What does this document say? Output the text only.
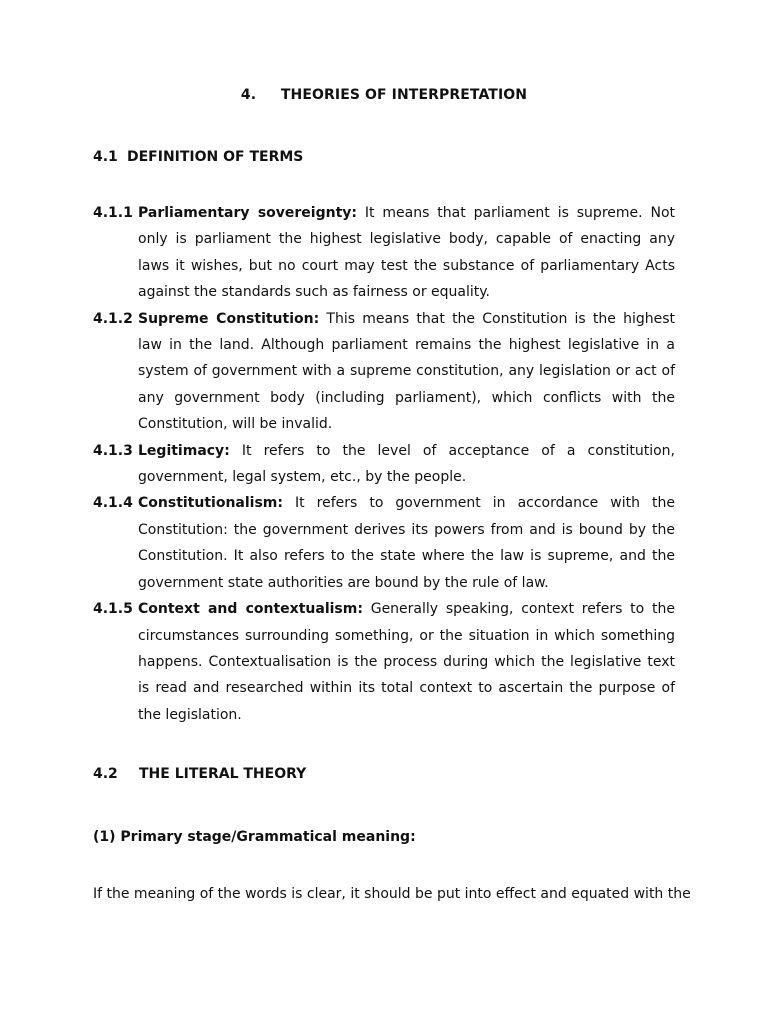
4. THEORIES OF INTERPRETATION
4.1 DEFINITION OF TERMS
4.1.1 Parliamentary sovereignty: It means that parliament is supreme. Not only is parliament the highest legislative body, capable of enacting any laws it wishes, but no court may test the substance of parliamentary Acts against the standards such as fairness or equality.
4.1.2 Supreme Constitution: This means that the Constitution is the highest law in the land. Although parliament remains the highest legislative in a system of government with a supreme constitution, any legislation or act of any government body (including parliament), which conflicts with the Constitution, will be invalid.
4.1.3 Legitimacy: It refers to the level of acceptance of a constitution, government, legal system, etc., by the people.
4.1.4 Constitutionalism: It refers to government in accordance with the Constitution: the government derives its powers from and is bound by the Constitution. It also refers to the state where the law is supreme, and the government state authorities are bound by the rule of law.
4.1.5 Context and contextualism: Generally speaking, context refers to the circumstances surrounding something, or the situation in which something happens. Contextualisation is the process during which the legislative text is read and researched within its total context to ascertain the purpose of the legislation.
4.2 THE LITERAL THEORY
(1) Primary stage/Grammatical meaning:
If the meaning of the words is clear, it should be put into effect and equated with the
